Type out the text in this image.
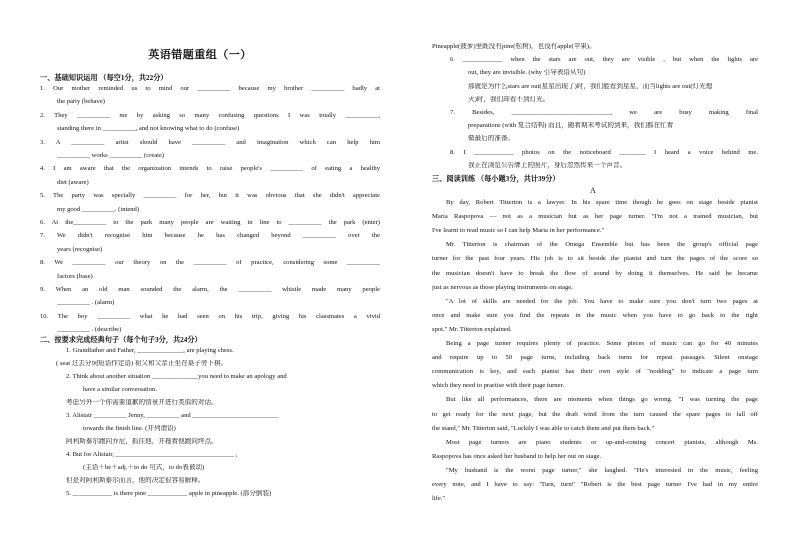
英语错题重组（一）
一、基础知识运用 （每空1分，共22分）
1. Our mother reminded us to mind our __________ because my brother __________ badly at
the party (behave)
2. They __________ me by asking so many confusing questions I was totally __________,
standing there in __________, and not knowing what to do (confuse)
3. A __________ artist should have __________ and imagination which can help him
__________ works __________ (create)
4. I am aware that the organization intends to raise people's __________ of eating a healthy
diet (aware)
5. The party was specially __________ for her, but it was obvious that she didn't appreciate
my good __________. (intend)
6. At the__________ to the park many people are waiting in line to __________ the park (enter)
7. We didn't recognise him because he has changed beyond __________ over the
years (recognise)
8. We __________ our theory on the __________ of practice, considering some __________
factors (base)
9. When an old man sounded the alarm, the __________ whistle made many people
__________ . (alarm)
10. The boy __________ what he had seen on his trip, giving his classmates a vivid
__________ . (describe)
二、按要求完成经典句子（每个句子3分，共24分）
1. Grandfather and Father, ______________, are playing chess.
( seat 过去分词短语作定语) 祖父和父亲正坐在桌子旁下棋。
2. Think about another situation ______________you need to make an apology and
have a similar conversation.
考虑另外一个你需要道歉的情景并进行类似的对话。
3. Alistair __________ Jenny, __________ and __________________________
towards the finish line. (并列谓语)
阿利斯泰尔跑向乔尼，抓住他，并拖着他跑向终点。
4. But for Alistair, ____________________________________ ,
(主语＋be＋adj.＋to do 句式，to do表被动)
但是对阿利斯泰尔而言，他的决定很容易解释。
5. ____________ is there pine ____________ apple in pineapple. (部分倒装)
Pineapple(菠萝)里既没有pine(松树)，也没有apple(苹果)。
6. ____________ when the stars are out, they are visible , but when the lights are
out, they are invisible. (why 引导表语从句)
那就是为什么stars are out(星星出现了)时，我们能看到星星，而当lights are out(灯光熄
灭)时，我们却看不到灯光。
7. Besides, ______________________________, we are busy making final
preparations (with 复合结构) 而且，随着期末考试的到来，我们都在忙着
做最后的准备。
8. I ____________ photos on the noticeboard ________ I heard a voice behind me.
我正在浏览公告牌上的照片，身后忽然传来一个声音。
三、阅读训练 （每小题3分，共计39分）
A
By day, Robert Titterton is a lawyer. In his spare time though he goes on stage beside pianist
Maria Raspopova — not as a musician but as her page turner. "I'm not a trained musician, but
I've learnt to read music so I can help Maria in her performance."
Mr. Titterton is chairman of the Omega Ensemble but has been the group's official page
turner for the past four years. His job is to sit beside the pianist and turn the pages of the score so
the musician doesn't have to break the flow of sound by doing it themselves. He said he became
just as nervous as those playing instruments on stage.
"A lot of skills are needed for the job. You have to make sure you don't turn two pages at
once and make sure you find the repeats in the music when you have to go back to the right
spot." Mr. Titterton explained.
Being a page turner requires plenty of practice. Some pieces of music can go for 40 minutes
and require up to 50 page turns, including back turns for repeat passages. Silent onstage
communication is key, and each pianist has their own style of "nodding" to indicate a page turn
which they need to practise with their page turner.
But like all performances, there are moments when things go wrong. "I was turning the page
to get ready for the next page, but the draft wind from the turn caused the spare pages to fall off
the stand," Mr. Titterton said, "Luckily I was able to catch them and put them back."
Most page turners are piano students or up-and-coming concert pianists, although Ms.
Raspopova has once asked her husband to help her out on stage.
"My husband is the worst page turner," she laughed. "He's interested in the music, feeling
every note, and I have to say: 'Turn, turn!' "Robert is the best page turner I've had in my entire
life."
